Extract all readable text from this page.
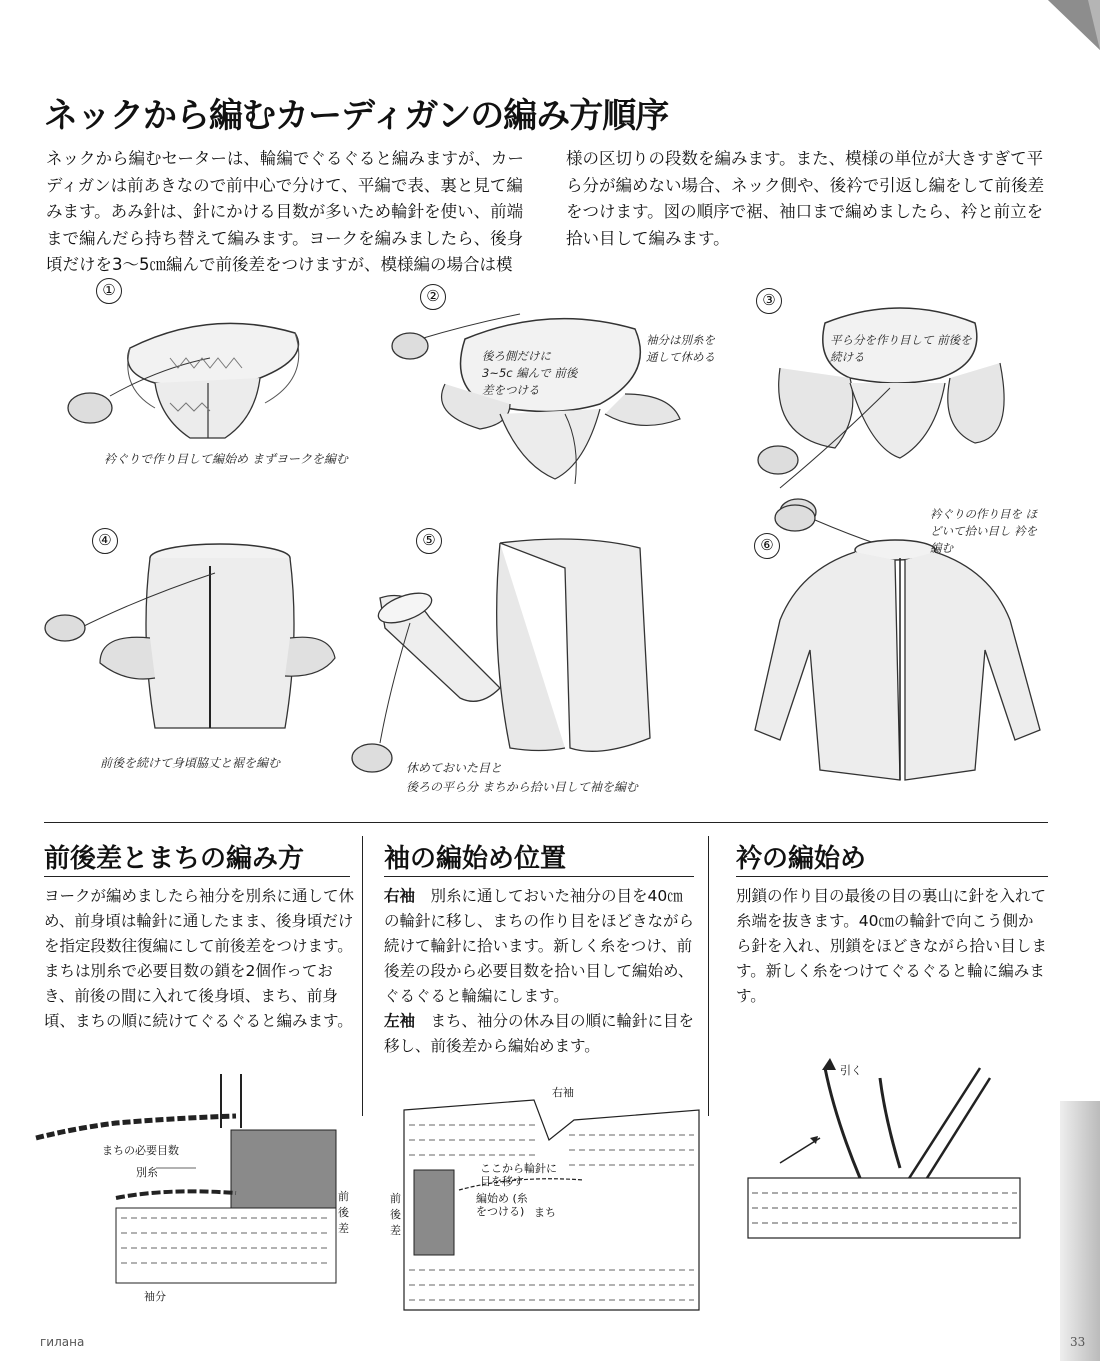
ネックから編むカーディガンの編み方順序

ネックから編むセーターは、輪編でぐるぐると編みますが、カーディガンは前あきなので前中心で分けて、平編で表、裏と見て編みます。あみ針は、針にかける目数が多いため輪針を使い、前端まで編んだら持ち替えて編みます。ヨークを編みましたら、後身頃だけを3〜5㎝編んで前後差をつけますが、模様編の場合は模

様の区切りの段数を編みます。また、模様の単位が大きすぎて平ら分が編めない場合、ネック側や、後衿で引返し編をして前後差をつけます。図の順序で裾、袖口まで編めましたら、衿と前立を拾い目して編みます。

①
衿ぐりで作り目して編始め まずヨークを編む
②
袖分は別糸を 通して休める
後ろ側だけに 3~5c 編んで 前後差をつける
③
平ら分を作り目して 前後を続ける
④
前後を続けて身頃脇丈と裾を編む
⑤
休めておいた目と
後ろの平ら分 まちから拾い目して袖を編む
⑥
衿ぐりの作り目を ほどいて拾い目し 衿を編む
前後差とまちの編み方

ヨークが編めましたら袖分を別糸に通して休め、前身頃は輪針に通したまま、後身頃だけを指定段数往復編にして前後差をつけます。まちは別糸で必要目数の鎖を2個作っておき、前後の間に入れて後身頃、まち、前身頃、まちの順に続けてぐるぐると編みます。

まちの必要目数
別糸
前後差
袖分
袖の編始め位置

右袖　 別糸に通しておいた袖分の目を40㎝の輪針に移し、まちの作り目をほどきながら続けて輪針に拾います。新しく糸をつけ、前後差の段から必要目数を拾い目して編始め、ぐるぐると輪編にします。

左袖　 まち、袖分の休み目の順に輪針に目を移し、前後差から編始めます。

右袖
ここから輪針に 目を移す
編始め (糸をつける) まち
前後差
衿の編始め

別鎖の作り目の最後の目の裏山に針を入れて糸端を抜きます。40㎝の輪針で向こう側から針を入れ、別鎖をほどきながら拾い目します。新しく糸をつけてぐるぐると輪に編みます。

引く
гилана	33
